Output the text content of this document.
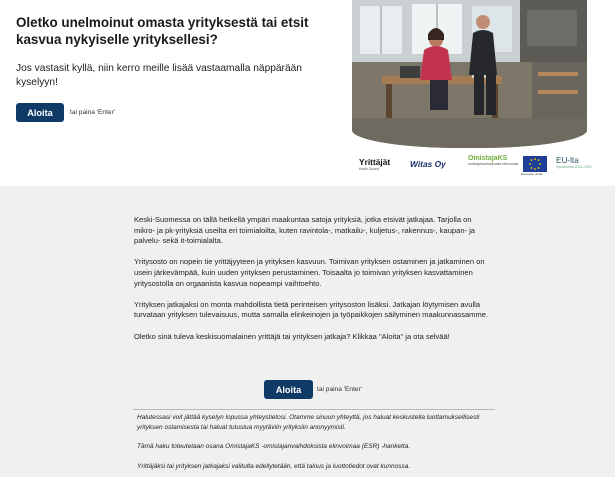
Oletko unelmoinut omasta yrityksestä tai etsit kasvua nykyiselle yrityksellesi?

Jos vastasit kyllä, niin kerro meille lisää vastaamalla näppärään kyselyyn!

Aloita	tai paina 'Enter'
Yrittäjät
Keski-Suomi	Witas Oy
OmistajaKS
omistajanvaihdoksista elinvoimaa
Euroopan unioni
EU-lta
Vipuvoimaa 2014–2020

Keski-Suomessa on tällä hetkellä ympäri maakuntaa satoja yrityksiä, jotka etsivät jatkajaa. Tarjolla on mikro- ja pk-yrityksiä useilta eri toimialoilta, kuten ravintola-, matkailu-, kuljetus-, rakennus-, kaupan- ja palvelu- sekä it-toimialalta.

Yritysosto on nopein tie yrittäjyyteen ja yrityksen kasvuun. Toimivan yrityksen ostaminen ja jatkaminen on usein järkevämpää, kuin uuden yrityksen perustaminen. Toisaalta jo toimivan yrityksen kasvattaminen yritysostolla on orgaanista kasvua nopeampi vaihtoehto.

Yrityksen jatkajaksi on monta mahdollista tietä perinteisen yritysoston lisäksi. Jatkajan löytymisen avulla turvataan yrityksen tulevaisuus, mutta samalla elinkeinojen ja työpaikkojen säilyminen maakunnassamme.

Oletko sinä tuleva keskisuomalainen yrittäjä tai yrityksen jatkaja? Klikkaa "Aloita" ja ota selvää!

Aloita	tai paina 'Enter'

Halutessasi voit jättää kyselyn lopussa yhteystietosi. Otamme sinuun yhteyttä, jos haluat keskustella luottamuksellisesti yrityksen ostamisesta tai haluat tutustua myytäviin yrityksiin anonyymisti.

Tämä haku toteutetaan osana OmistajaKS -omistajanvaihdoksista elinvoimaa (ESR) -hanketta.

Yrittäjäksi tai yrityksen jatkajaksi valitulta edellytetään, että talous ja luottotiedot ovat kunnossa.
